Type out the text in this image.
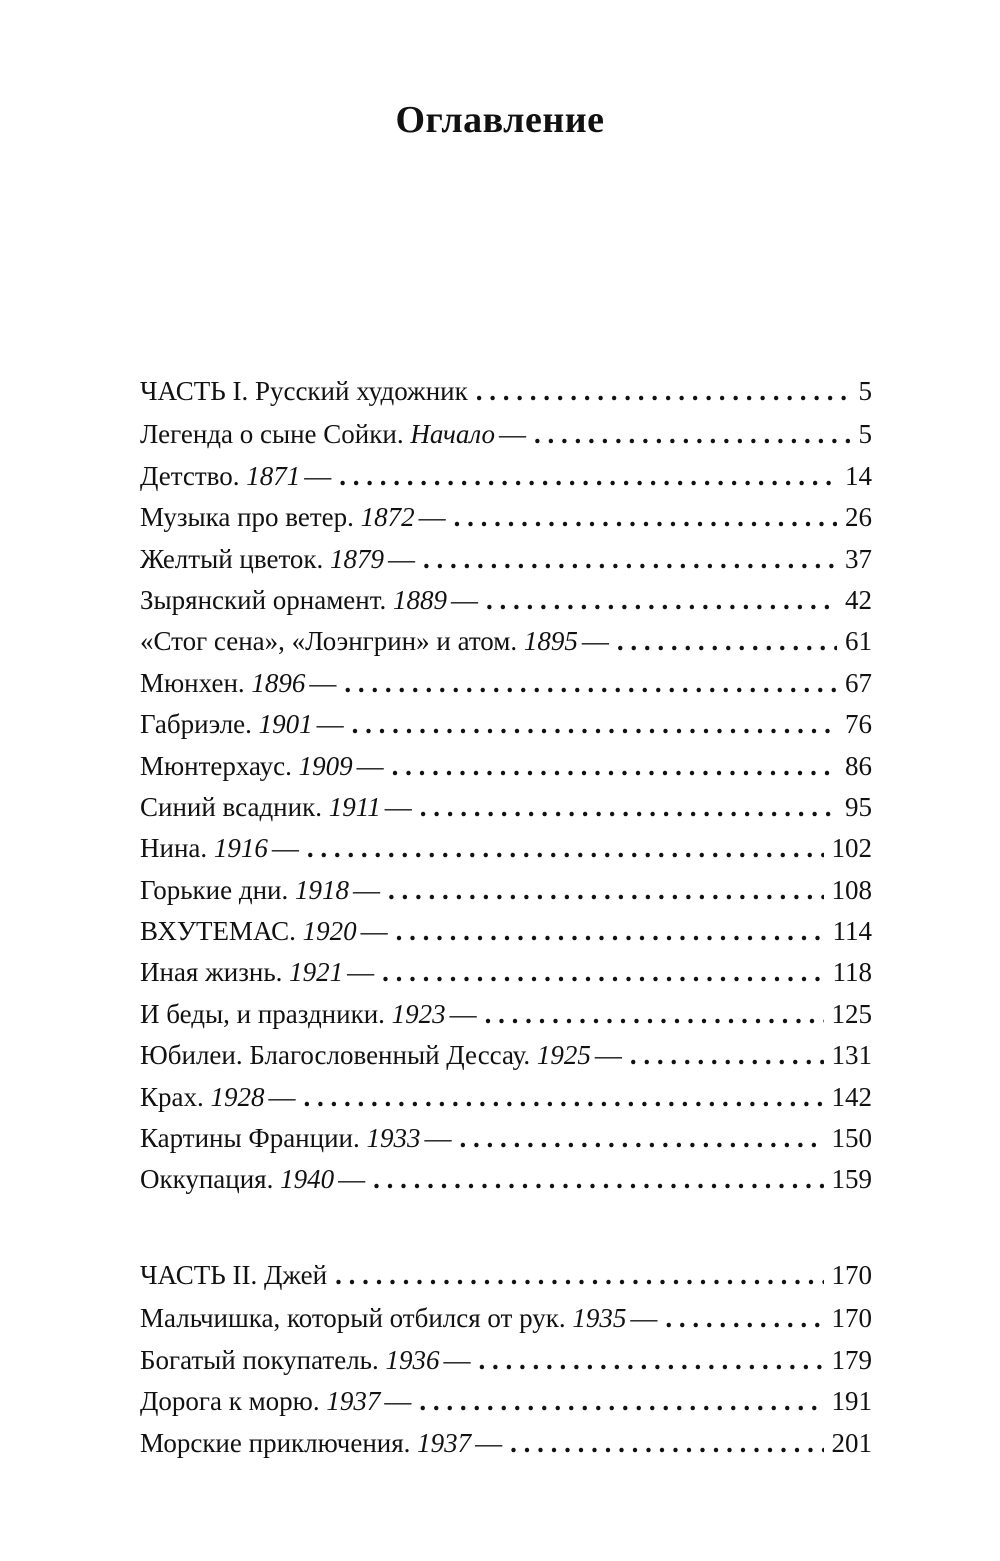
Оглавление
ЧАСТЬ I. Русский художник . . .	5
Легенда о сыне Сойки. Начало — . . .	5
Детство. 1871 — . . .	14
Музыка про ветер. 1872 — . . .	26
Желтый цветок. 1879 — . . .	37
Зырянский орнамент. 1889 — . . .	42
«Стог сена», «Лоэнгрин» и атом. 1895 — . . .	61
Мюнхен. 1896 — . . .	67
Габриэле. 1901 — . . .	76
Мюнтерхаус. 1909 — . . .	86
Синий всадник. 1911 — . . .	95
Нина. 1916 — . . .	102
Горькие дни. 1918 — . . .	108
ВХУТЕМАС. 1920 — . . .	114
Иная жизнь. 1921 — . . .	118
И беды, и праздники. 1923 — . . .	125
Юбилеи. Благословенный Дессау. 1925 — . . .	131
Крах. 1928 — . . .	142
Картины Франции. 1933 — . . .	150
Оккупация. 1940 — . . .	159
ЧАСТЬ II. Джей . . .	170
Мальчишка, который отбился от рук. 1935 — . . .	170
Богатый покупатель. 1936 — . . .	179
Дорога к морю. 1937 — . . .	191
Морские приключения. 1937 — . . .	201
